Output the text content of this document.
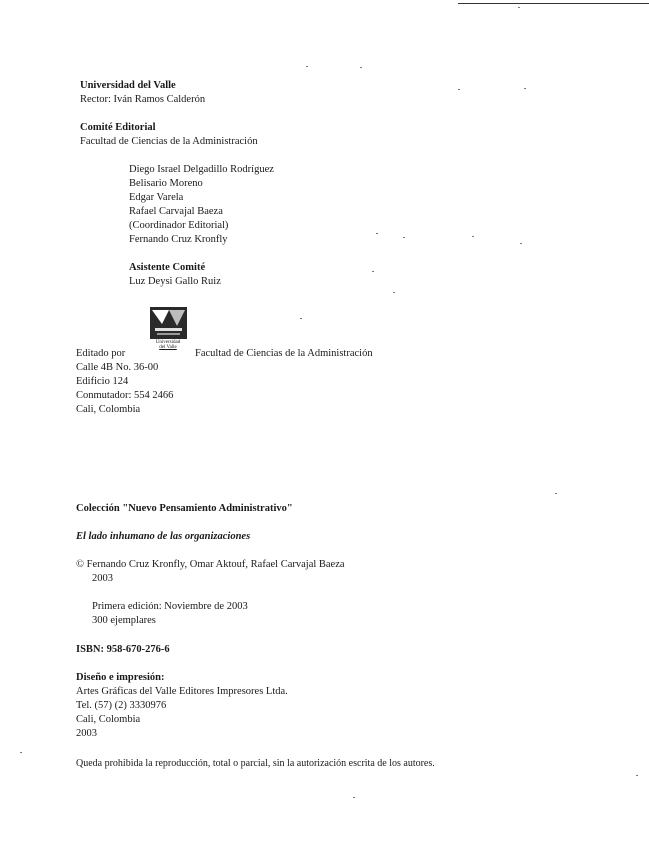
Universidad del Valle
Rector: Iván Ramos Calderón
Comité Editorial
Facultad de Ciencias de la Administración
Diego Israel Delgadillo Rodríguez
Belisario Moreno
Edgar Varela
Rafael Carvajal Baeza
(Coordinador Editorial)
Fernando Cruz Kronfly
Asistente Comité
Luz Deysi Gallo Ruiz
Universidad
del Valle
Editado por	Facultad de Ciencias de la Administración
Calle 4B No. 36-00
Edificio 124
Conmutador: 554 2466
Cali, Colombia
Colección "Nuevo Pensamiento Administrativo"
El lado inhumano de las organizaciones
© Fernando Cruz Kronfly, Omar Aktouf, Rafael Carvajal Baeza
2003
Primera edición: Noviembre de 2003
300 ejemplares
ISBN: 958-670-276-6
Diseño e impresión:
Artes Gráficas del Valle Editores Impresores Ltda.
Tel. (57) (2) 3330976
Cali, Colombia
2003
Queda prohibida la reproducción, total o parcial, sin la autorización escrita de los autores.
